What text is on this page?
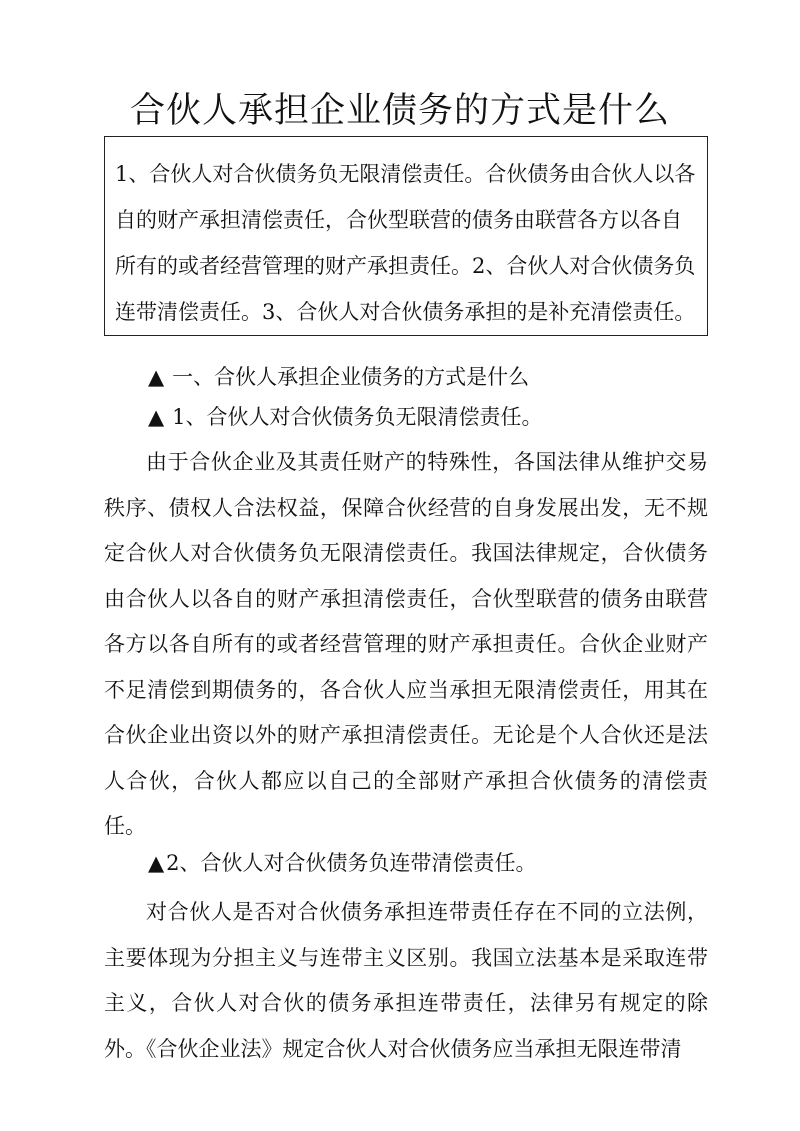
合伙人承担企业债务的方式是什么
1、合伙人对合伙债务负无限清偿责任。合伙债务由合伙人以各自的财产承担清偿责任，合伙型联营的债务由联营各方以各自所有的或者经营管理的财产承担责任。2、合伙人对合伙债务负连带清偿责任。3、合伙人对合伙债务承担的是补充清偿责任。
▲ 一、合伙人承担企业债务的方式是什么
▲ 1、合伙人对合伙债务负无限清偿责任。

由于合伙企业及其责任财产的特殊性，各国法律从维护交易秩序、债权人合法权益，保障合伙经营的自身发展出发，无不规定合伙人对合伙债务负无限清偿责任。我国法律规定，合伙债务由合伙人以各自的财产承担清偿责任，合伙型联营的债务由联营各方以各自所有的或者经营管理的财产承担责任。合伙企业财产不足清偿到期债务的，各合伙人应当承担无限清偿责任，用其在合伙企业出资以外的财产承担清偿责任。无论是个人合伙还是法人合伙，合伙人都应以自己的全部财产承担合伙债务的清偿责任。

▲2、合伙人对合伙债务负连带清偿责任。

对合伙人是否对合伙债务承担连带责任存在不同的立法例，主要体现为分担主义与连带主义区别。我国立法基本是采取连带主义，合伙人对合伙的债务承担连带责任，法律另有规定的除外。《合伙企业法》规定合伙人对合伙债务应当承担无限连带清
